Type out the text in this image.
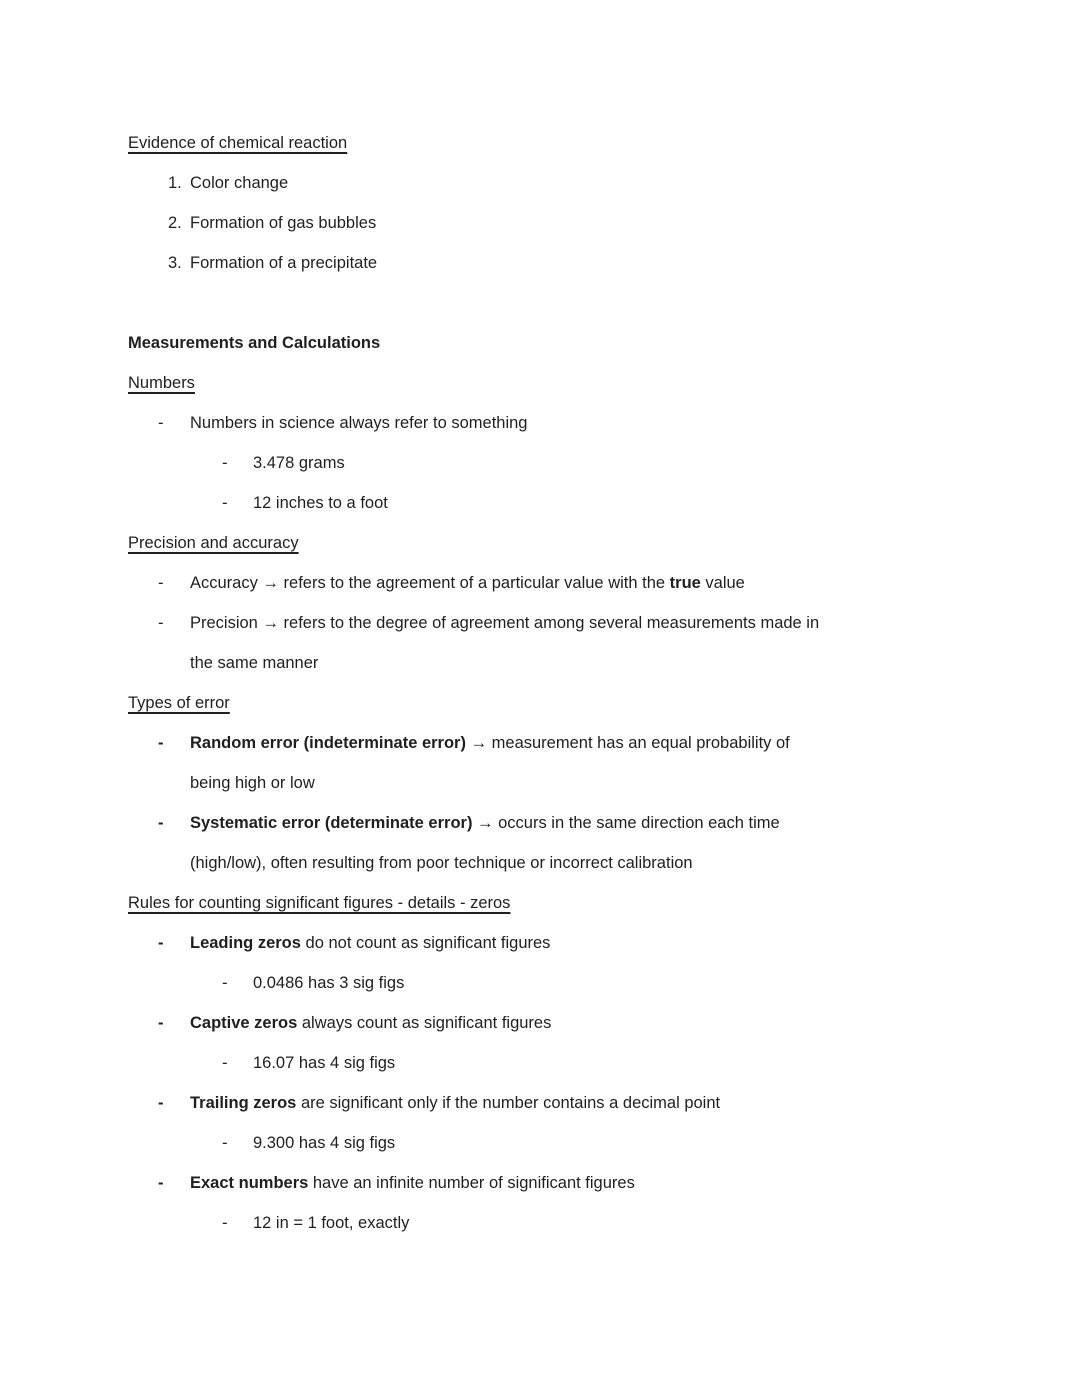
Evidence of chemical reaction
1. Color change
2. Formation of gas bubbles
3. Formation of a precipitate
Measurements and Calculations
Numbers
- Numbers in science always refer to something
- 3.478 grams
- 12 inches to a foot
Precision and accuracy
- Accuracy → refers to the agreement of a particular value with the true value
- Precision → refers to the degree of agreement among several measurements made in
the same manner
Types of error
- Random error (indeterminate error) → measurement has an equal probability of
being high or low
- Systematic error (determinate error) → occurs in the same direction each time
(high/low), often resulting from poor technique or incorrect calibration
Rules for counting significant figures - details - zeros
- Leading zeros do not count as significant figures
- 0.0486 has 3 sig figs
- Captive zeros always count as significant figures
- 16.07 has 4 sig figs
- Trailing zeros are significant only if the number contains a decimal point
- 9.300 has 4 sig figs
- Exact numbers have an infinite number of significant figures
- 12 in = 1 foot, exactly
